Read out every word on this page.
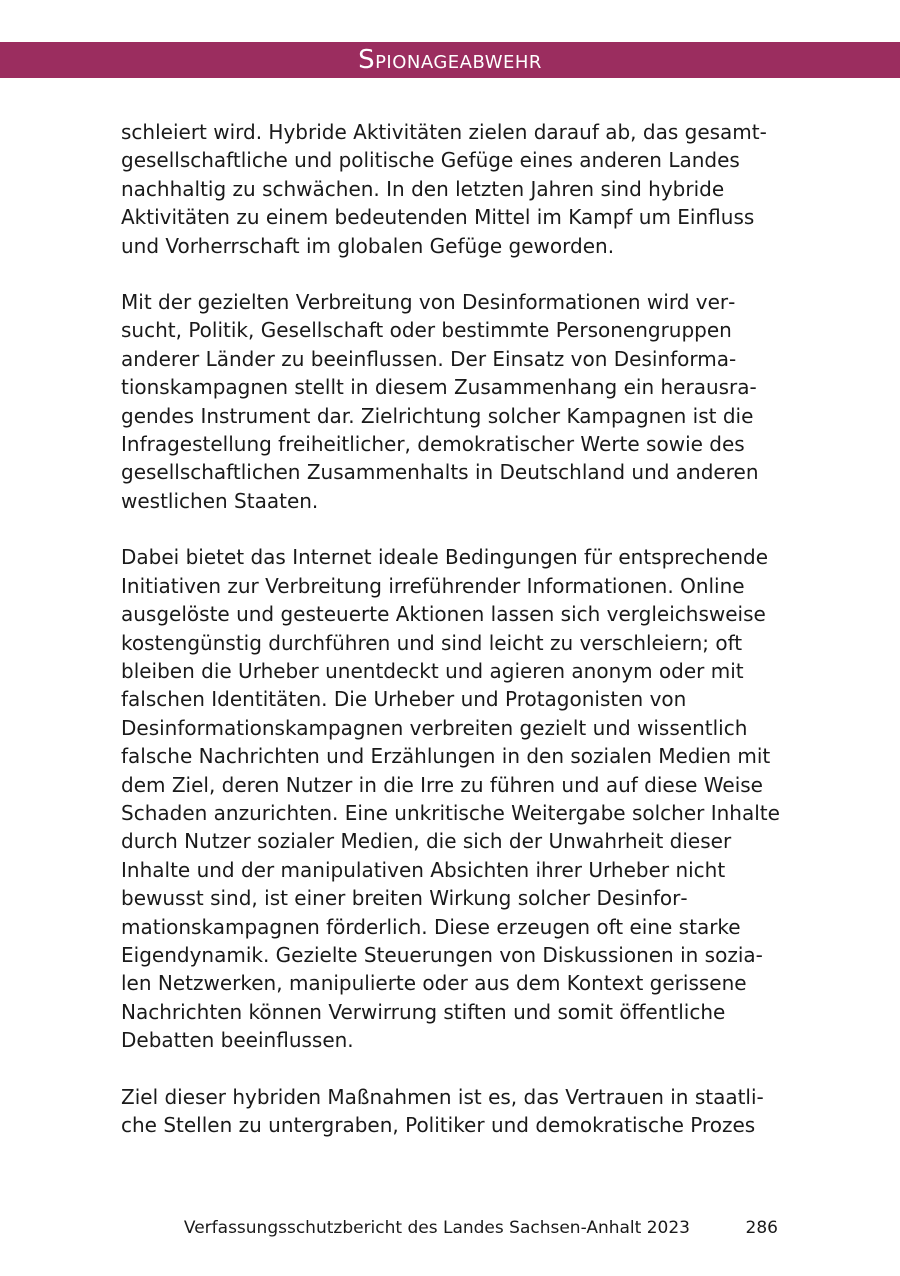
Spionageabwehr

schleiert wird. Hybride Aktivitäten zielen darauf ab, das gesamtgesellschaftliche und politische Gefüge eines anderen Landes nachhaltig zu schwächen. In den letzten Jahren sind hybride Aktivitäten zu einem bedeutenden Mittel im Kampf um Einfluss und Vorherrschaft im globalen Gefüge geworden.

Mit der gezielten Verbreitung von Desinformationen wird versucht, Politik, Gesellschaft oder bestimmte Personengruppen anderer Länder zu beeinflussen. Der Einsatz von Desinformationskampagnen stellt in diesem Zusammenhang ein herausragendes Instrument dar. Zielrichtung solcher Kampagnen ist die Infragestellung freiheitlicher, demokratischer Werte sowie des gesellschaftlichen Zusammenhalts in Deutschland und anderen westlichen Staaten.

Dabei bietet das Internet ideale Bedingungen für entsprechende Initiativen zur Verbreitung irreführender Informationen. Online ausgelöste und gesteuerte Aktionen lassen sich vergleichsweise kostengünstig durchführen und sind leicht zu verschleiern; oft bleiben die Urheber unentdeckt und agieren anonym oder mit falschen Identitäten. Die Urheber und Protagonisten von Desinformationskampagnen verbreiten gezielt und wissentlich falsche Nachrichten und Erzählungen in den sozialen Medien mit dem Ziel, deren Nutzer in die Irre zu führen und auf diese Weise Schaden anzurichten. Eine unkritische Weitergabe solcher Inhalte durch Nutzer sozialer Medien, die sich der Unwahrheit dieser Inhalte und der manipulativen Absichten ihrer Urheber nicht bewusst sind, ist einer breiten Wirkung solcher Desinformationskampagnen förderlich. Diese erzeugen oft eine starke Eigendynamik. Gezielte Steuerungen von Diskussionen in sozialen Netzwerken, manipulierte oder aus dem Kontext gerissene Nachrichten können Verwirrung stiften und somit öffentliche Debatten beeinflussen.

Ziel dieser hybriden Maßnahmen ist es, das Vertrauen in staatliche Stellen zu untergraben, Politiker und demokratische Prozes

Verfassungsschutzbericht des Landes Sachsen-Anhalt 2023	286
